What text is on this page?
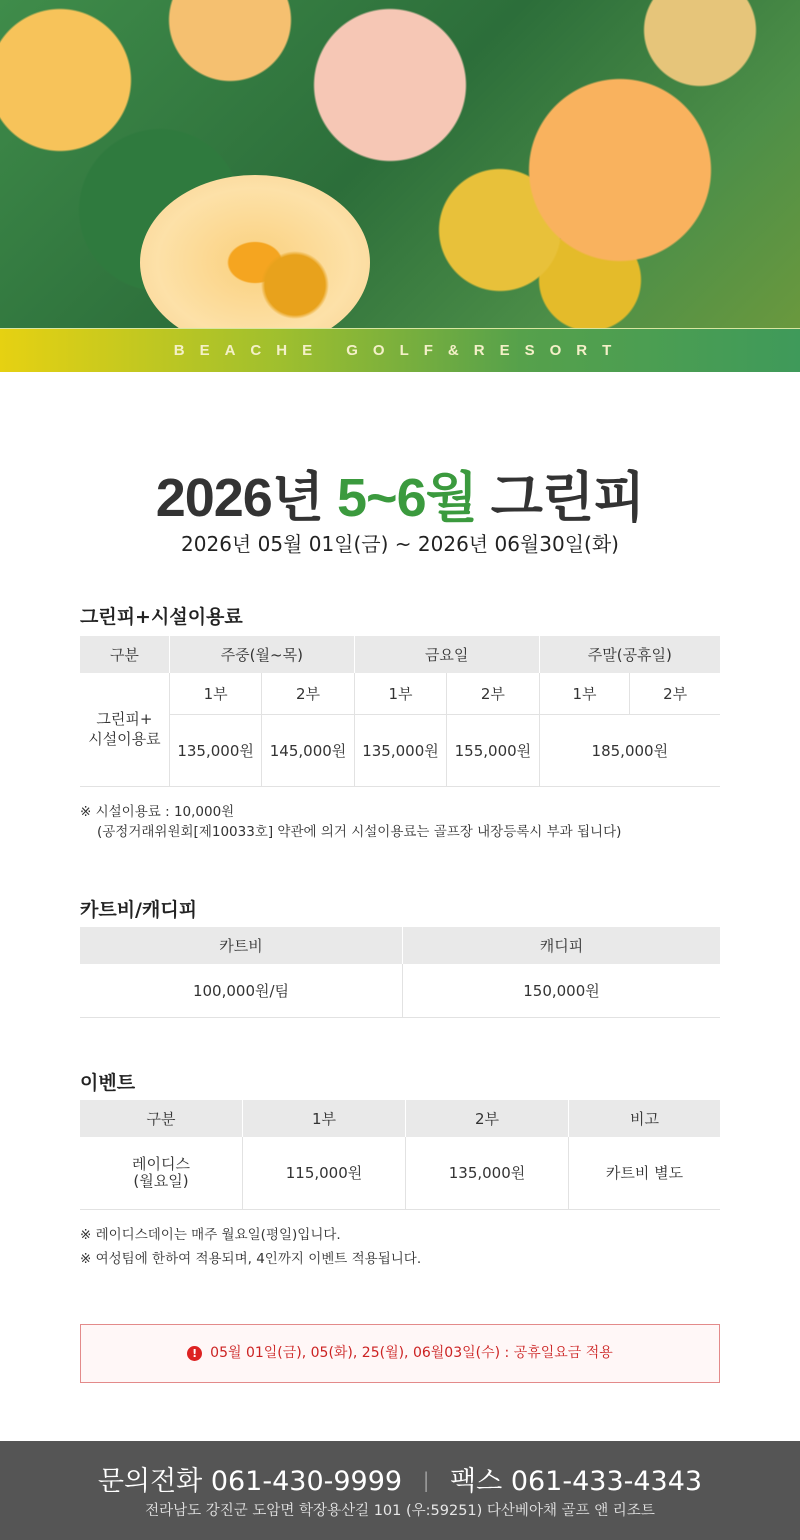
BEACHE GOLF&RESORT
2026년 5~6월 그린피
2026년 05월 01일(금) ~ 2026년 06월30일(화)
그린피+시설이용료
구분	주중(월~목)		금요일		주말(공휴일)	
그린피+
시설이용료	1부	2부	1부	2부	1부	2부
	135,000원	145,000원	135,000원	155,000원	185,000원	
※ 시설이용료 : 10,000원
(공정거래위원회[제10033호] 약관에 의거 시설이용료는 골프장 내장등록시 부과 됩니다)
카트비/캐디피
카트비	캐디피
100,000원/팀	150,000원
이벤트
구분	1부	2부	비고
레이디스
(월요일)	115,000원	135,000원	카트비 별도
※ 레이디스데이는 매주 월요일(평일)입니다.
※ 여성팀에 한하여 적용되며, 4인까지 이벤트 적용됩니다.
! 05월 01일(금), 05(화), 25(월), 06월03일(수) : 공휴일요금 적용
문의전화 061-430-9999 | 팩스 061-433-4343
전라남도 강진군 도암면 학장용산길 101 (우:59251) 다산베아채 골프 앤 리조트
